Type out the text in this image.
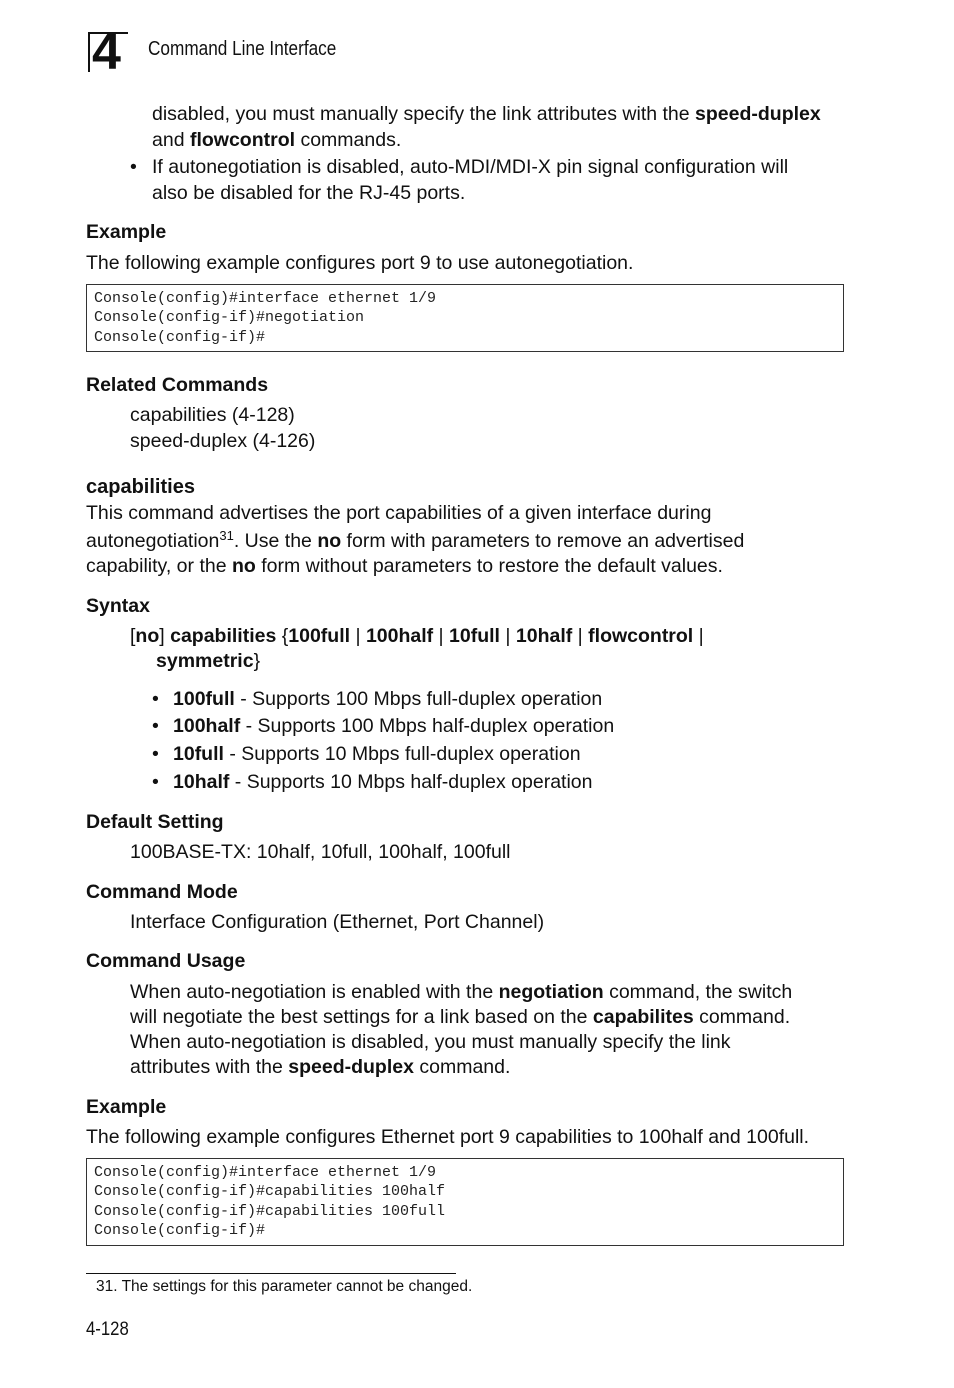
4 Command Line Interface
disabled, you must manually specify the link attributes with the speed-duplex
and flowcontrol commands.
• If autonegotiation is disabled, auto-MDI/MDI-X pin signal configuration will
also be disabled for the RJ-45 ports.
Example
The following example configures port 9 to use autonegotiation.
Console(config)#interface ethernet 1/9
Console(config-if)#negotiation
Console(config-if)#
Related Commands
capabilities (4-128)
speed-duplex (4-126)
capabilities
This command advertises the port capabilities of a given interface during
autonegotiation$^{31}$. Use the no form with parameters to remove an advertised
capability, or the no form without parameters to restore the default values.
Syntax
[no] capabilities {100full | 100half | 10full | 10half | flowcontrol |
symmetric}
• 100full - Supports 100 Mbps full-duplex operation
• 100half - Supports 100 Mbps half-duplex operation
• 10full - Supports 10 Mbps full-duplex operation
• 10half - Supports 10 Mbps half-duplex operation
Default Setting
100BASE-TX: 10half, 10full, 100half, 100full
Command Mode
Interface Configuration (Ethernet, Port Channel)
Command Usage
When auto-negotiation is enabled with the negotiation command, the switch
will negotiate the best settings for a link based on the capabilites command.
When auto-negotiation is disabled, you must manually specify the link
attributes with the speed-duplex command.
Example
The following example configures Ethernet port 9 capabilities to 100half and 100full.
Console(config)#interface ethernet 1/9
Console(config-if)#capabilities 100half
Console(config-if)#capabilities 100full
Console(config-if)#
31. The settings for this parameter cannot be changed.
4-128
